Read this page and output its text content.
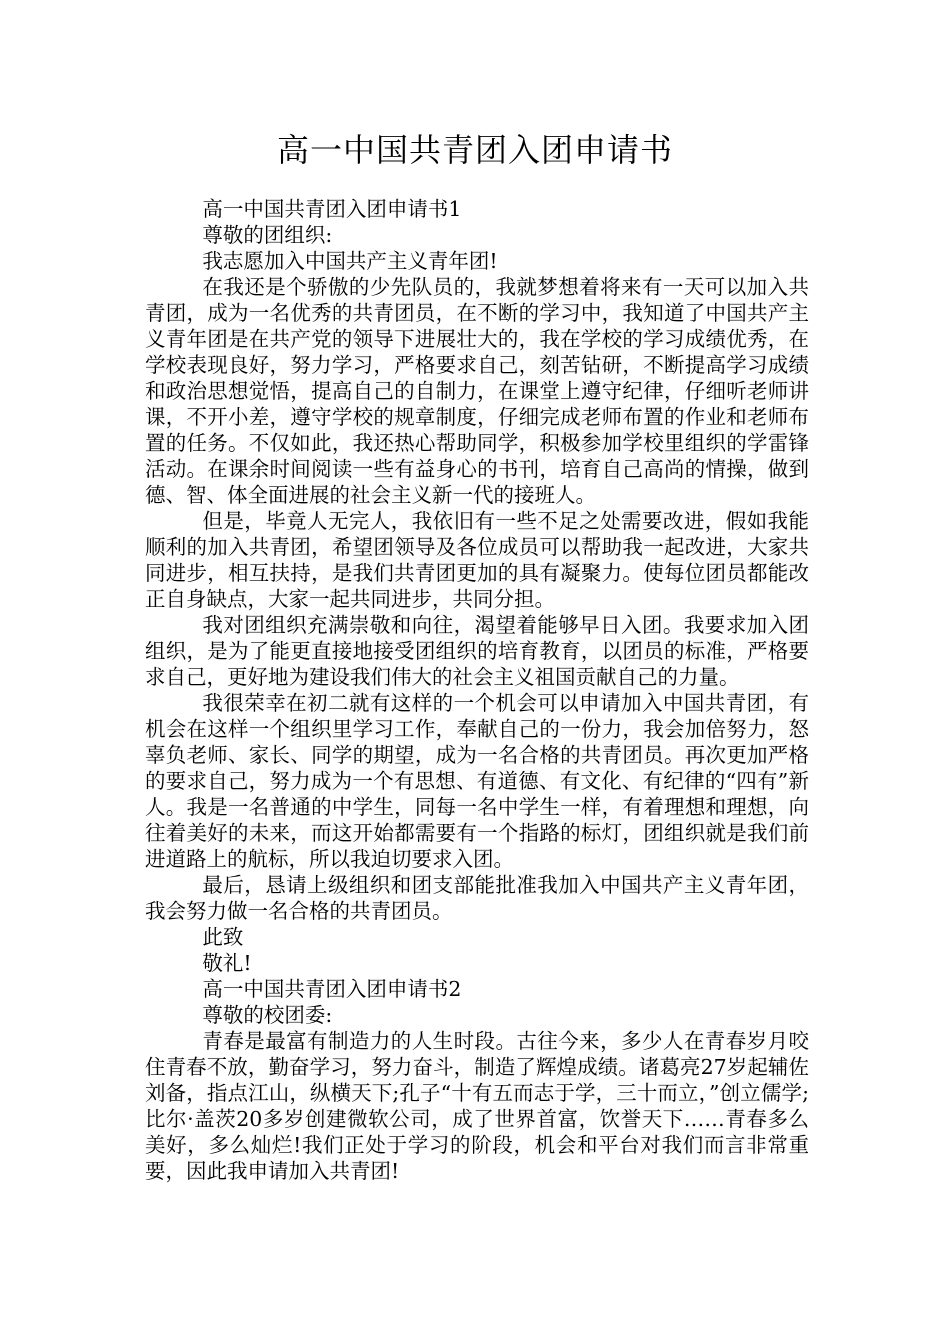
高一中国共青团入团申请书

高一中国共青团入团申请书1

尊敬的团组织:

我志愿加入中国共产主义青年团!

在我还是个骄傲的少先队员的，我就梦想着将来有一天可以加入共青团，成为一名优秀的共青团员，在不断的学习中，我知道了中国共产主义青年团是在共产党的领导下进展壮大的，我在学校的学习成绩优秀，在学校表现良好，努力学习，严格要求自己，刻苦钻研，不断提高学习成绩和政治思想觉悟，提高自己的自制力，在课堂上遵守纪律，仔细听老师讲课，不开小差，遵守学校的规章制度，仔细完成老师布置的作业和老师布置的任务。不仅如此，我还热心帮助同学，积极参加学校里组织的学雷锋活动。在课余时间阅读一些有益身心的书刊，培育自己高尚的情操，做到德、智、体全面进展的社会主义新一代的接班人。

但是，毕竟人无完人，我依旧有一些不足之处需要改进，假如我能顺利的加入共青团，希望团领导及各位成员可以帮助我一起改进，大家共同进步，相互扶持，是我们共青团更加的具有凝聚力。使每位团员都能改正自身缺点，大家一起共同进步，共同分担。

我对团组织充满崇敬和向往，渴望着能够早日入团。我要求加入团组织，是为了能更直接地接受团组织的培育教育，以团员的标准，严格要求自己，更好地为建设我们伟大的社会主义祖国贡献自己的力量。

我很荣幸在初二就有这样的一个机会可以申请加入中国共青团，有机会在这样一个组织里学习工作，奉献自己的一份力，我会加倍努力，怒辜负老师、家长、同学的期望，成为一名合格的共青团员。再次更加严格的要求自己，努力成为一个有思想、有道德、有文化、有纪律的“四有”新人。我是一名普通的中学生，同每一名中学生一样，有着理想和理想，向往着美好的未来，而这开始都需要有一个指路的标灯，团组织就是我们前进道路上的航标，所以我迫切要求入团。

最后，恳请上级组织和团支部能批准我加入中国共产主义青年团，我会努力做一名合格的共青团员。

此致

敬礼!

高一中国共青团入团申请书2

尊敬的校团委:

青春是最富有制造力的人生时段。古往今来，多少人在青春岁月咬住青春不放，勤奋学习，努力奋斗，制造了辉煌成绩。诸葛亮27岁起辅佐刘备，指点江山，纵横天下;孔子“十有五而志于学，三十而立，”创立儒学;比尔·盖茨20多岁创建微软公司，成了世界首富，饮誉天下……青春多么美好，多么灿烂!我们正处于学习的阶段，机会和平台对我们而言非常重要，因此我申请加入共青团!
